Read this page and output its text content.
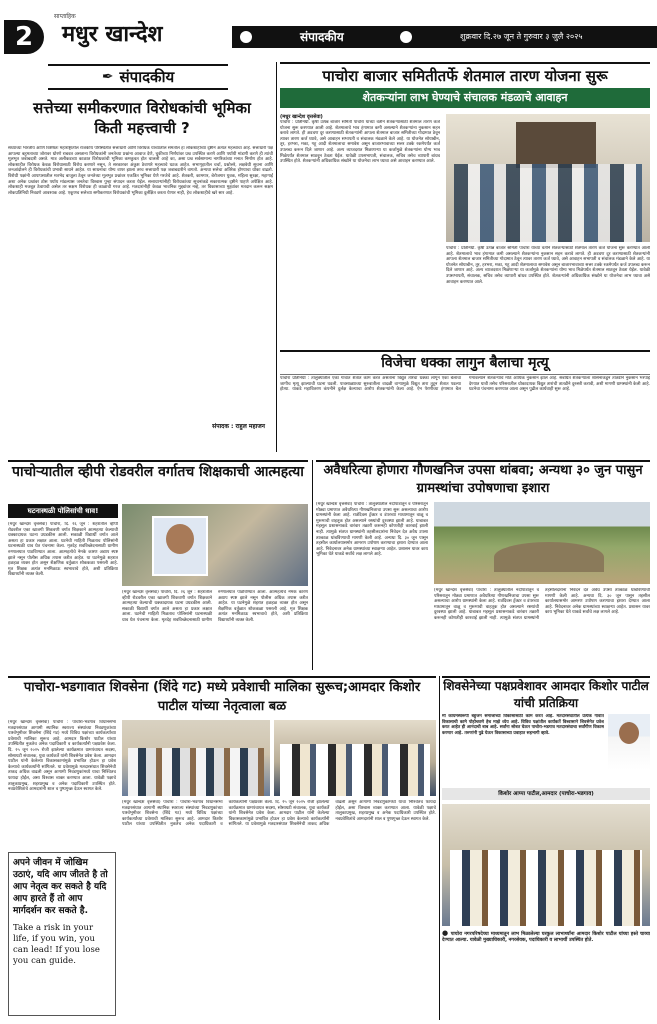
2
साप्ताहिक
मधुर खान्देश	संपादकीय	शुक्रवार दि.२७ जून ते गुरुवार ३ जुलै २०२५
✒ संपादकीय
सत्तेच्या समीकरणात विरोधकांची भूमिका किती महत्त्वाची ?
सध्याच्या भारतीय आणि विशेषतः महाराष्ट्रातील राजकीय परिस्थितीत सत्ताधारी आणि विरोधक यांच्यातील समतोल हा लोकशाहीच्या दृष्टीने अत्यंत महत्त्वाचा आहे. सत्ताधारी पक्ष आपल्या बहुमताच्या जोरावर धोरणे राबवत असताना विरोधकांनी जनतेच्या प्रश्नांना आवाज देणे, चुकीच्या निर्णयांवर प्रश्न उपस्थित करणे आणि पर्यायी मांडणी करणे ही त्यांची मूलभूत जबाबदारी असते. मात्र अलीकडच्या काळात विरोधकांची भूमिका कमकुवत होत चालली आहे का, असा प्रश्न सर्वसामान्य नागरिकांच्या मनात निर्माण होत आहे. लोकशाहीत विरोधक केवळ विरोधासाठी विरोध करणारे नसून, ते सरकारवर अंकुश ठेवणारे महत्त्वाचे घटक आहेत. सभागृहातील चर्चा, प्रश्नोत्तरे, लक्षवेधी सूचना आणि जनआंदोलने ही विरोधकांची प्रभावी साधने आहेत. या साधनांचा योग्य वापर झाला तरच सत्ताधारी पक्ष जबाबदारीने वागतो. अन्यथा सत्तेचा अतिरेक होण्याचा धोका वाढतो. विरोधी पक्षांनी आपापसातील मतभेद बाजूला ठेवून जनतेच्या मूलभूत प्रश्नांवर एकत्रित भूमिका घेणे गरजेचे आहे. शेतकरी, कामगार, बेरोजगार युवक, महिला सुरक्षा, महागाई अशा अनेक प्रश्नांवर ठोस पर्याय मांडल्यास जनतेचा विश्वास पुन्हा संपादन करता येईल. सत्ताधाऱ्यांनीही विरोधकांच्या सूचनांकडे सकारात्मक दृष्टीने पाहणे अपेक्षित आहे. लोकशाही मजबूत ठेवायची असेल तर सक्षम विरोधक ही काळाची गरज आहे. मतदारांनीही केवळ भावनिक मुद्द्यांवर नव्हे, तर विकासाच्या मुद्द्यांवर मतदान करून सक्षम लोकप्रतिनिधी निवडणे आवश्यक आहे. एकूणच सत्तेच्या समीकरणात विरोधकांची भूमिका दुर्लक्षित करता येणार नाही, हेच लोकशाहीचे खरे सार आहे.
संपादक : राहुल महाजन
पाचोरा बाजार समितीतर्फे शेतमाल तारण योजना सुरू
शेतकऱ्यांना लाभ घेण्याचे संचालक मंडळाचे आवाहन
(मधुर खान्देश वृत्तसेवा)
पाचोरा : प्रतिनिधी. कृषी उत्पन्न बाजार समिती पाचोरा यांच्या वतीने शेतकऱ्यांसाठी शेतमाल तारण कर्ज योजना सुरू करण्यात आली आहे. शेतमालाचे भाव हंगामात कमी असल्याने शेतकऱ्यांना नुकसान सहन करावे लागते. ही अडचण दूर करण्यासाठी शेतकऱ्यांनी आपला शेतमाल बाजार समितीच्या गोदामात ठेवून त्यावर तारण कर्ज घ्यावे, असे आवाहन सभापती व संचालक मंडळाने केले आहे. या योजनेत सोयाबीन, तूर, हरभरा, मका, गहू आदी शेतमालाचा समावेश असून बाजारभावाच्या सत्तर टक्के रकमेपर्यंत कर्ज उपलब्ध करून दिले जाणार आहे. अल्प व्याजदरात मिळणाऱ्या या कर्जामुळे शेतकऱ्यांना योग्य भाव मिळेपर्यंत शेतमाल साठवून ठेवता येईल. यावेळी उपसभापती, संचालक, सचिव तसेच व्यापारी बांधव उपस्थित होते. शेतकऱ्यांनी अधिकाधिक संख्येने या योजनेचा लाभ घ्यावा असे आवाहन करण्यात आले.
पाचोरा : प्रतिनिधी. कृषी उत्पन्न बाजार समिती पाचोरा यांच्या वतीने शेतकऱ्यांसाठी शेतमाल तारण कर्ज योजना सुरू करण्यात आली आहे. शेतमालाचे भाव हंगामात कमी असल्याने शेतकऱ्यांना नुकसान सहन करावे लागते. ही अडचण दूर करण्यासाठी शेतकऱ्यांनी आपला शेतमाल बाजार समितीच्या गोदामात ठेवून त्यावर तारण कर्ज घ्यावे, असे आवाहन सभापती व संचालक मंडळाने केले आहे. या योजनेत सोयाबीन, तूर, हरभरा, मका, गहू आदी शेतमालाचा समावेश असून बाजारभावाच्या सत्तर टक्के रकमेपर्यंत कर्ज उपलब्ध करून दिले जाणार आहे. अल्प व्याजदरात मिळणाऱ्या या कर्जामुळे शेतकऱ्यांना योग्य भाव मिळेपर्यंत शेतमाल साठवून ठेवता येईल. यावेळी उपसभापती, संचालक, सचिव तसेच व्यापारी बांधव उपस्थित होते. शेतकऱ्यांनी अधिकाधिक संख्येने या योजनेचा लाभ घ्यावा असे आवाहन करण्यात आले.
विजेचा धक्का लागुन बैलाचा मृत्यू
पाचोरा प्रतिनिधी : तालुक्यातील एका गावात शेतात काम करत असताना विद्युत तारेचा धक्का लागून एका बैलाचा जागीच मृत्यू झाल्याची घटना घडली. पावसाळ्याच्या सुरुवातीला वादळी वाऱ्यामुळे विद्युत तारा तुटून शेतात पडल्या होत्या. याकडे महावितरण कंपनीने दुर्लक्ष केल्याचा आरोप शेतकऱ्यांनी केला आहे. ऐन पेरणीच्या हंगामात बैल गमावल्याने शेतकऱ्याचे मोठे आर्थिक नुकसान झाले आहे. संबंधित शेतकऱ्याला शासनाकडून तातडीने नुकसान भरपाई देण्यात यावी तसेच परिसरातील धोकादायक विद्युत तारांची तातडीने दुरुस्ती करावी, अशी मागणी ग्रामस्थांनी केली आहे. घटनेचा पंचनामा करण्यात आला असून पुढील कार्यवाही सुरू आहे.
पाचोऱ्यातील व्हीपी रोडवरील वर्गातच शिक्षकाची आत्महत्या
घटनास्थळी पोलिसांची धाव!
(मधुर खान्देश वृत्तसेवा) पाचोरा, दि. २६ जून : शहरातील व्हीपी रोडवरील एका खाजगी शिकवणी वर्गात शिक्षकाने आत्महत्या केल्याची धक्कादायक घटना उघडकीस आली. सकाळी विद्यार्थी वर्गात आले असता हा प्रकार लक्षात आला. घटनेची माहिती मिळताच पोलिसांनी घटनास्थळी धाव घेत पंचनामा केला. मृतदेह शवविच्छेदनासाठी ग्रामीण रुग्णालयात पाठविण्यात आला. आत्महत्येचे नेमके कारण अद्याप स्पष्ट झाले नसून पोलीस अधिक तपास करीत आहेत. या घटनेमुळे शहरात हळहळ व्यक्त होत असून शैक्षणिक वर्तुळात शोककळा पसरली आहे. मृत शिक्षक अत्यंत मनमिळाऊ स्वभावाचे होते, अशी प्रतिक्रिया विद्यार्थ्यांनी व्यक्त केली.
(मधुर खान्देश वृत्तसेवा) पाचोरा, दि. २६ जून : शहरातील व्हीपी रोडवरील एका खाजगी शिकवणी वर्गात शिक्षकाने आत्महत्या केल्याची धक्कादायक घटना उघडकीस आली. सकाळी विद्यार्थी वर्गात आले असता हा प्रकार लक्षात आला. घटनेची माहिती मिळताच पोलिसांनी घटनास्थळी धाव घेत पंचनामा केला. मृतदेह शवविच्छेदनासाठी ग्रामीण रुग्णालयात पाठविण्यात आला. आत्महत्येचे नेमके कारण अद्याप स्पष्ट झाले नसून पोलीस अधिक तपास करीत आहेत. या घटनेमुळे शहरात हळहळ व्यक्त होत असून शैक्षणिक वर्तुळात शोककळा पसरली आहे. मृत शिक्षक अत्यंत मनमिळाऊ स्वभावाचे होते, अशी प्रतिक्रिया विद्यार्थ्यांनी व्यक्त केली.
अवैधरित्या होणारा गौणखनिज उपसा थांबवा; अन्यथा ३० जुन पासुन ग्रामस्थांचा उपोषणाचा इशारा
(मधुर खान्देश वृत्तसेवा) पाचोरा : तालुक्यातील नदीपात्रातून व परिसरातून मोठ्या प्रमाणात अवैधरित्या गौणखनिजाचा उपसा सुरू असल्याचा आरोप ग्रामस्थांनी केला आहे. रात्रंदिवस ट्रॅक्टर व डंपरच्या माध्यमातून वाळू व मुरूमाची वाहतूक होत असल्याने रस्त्यांची दुरवस्था झाली आहे. याबाबत महसूल प्रशासनाकडे वारंवार तक्रारी करूनही कोणतीही कारवाई झाली नाही. त्यामुळे संतप्त ग्रामस्थांनी तहसीलदारांना निवेदन देत अवैध उपसा तात्काळ थांबविण्याची मागणी केली आहे. अन्यथा दि. ३० जून पासून तहसील कार्यालयासमोर आमरण उपोषण करण्याचा इशारा देण्यात आला आहे. निवेदनावर अनेक ग्रामस्थांच्या स्वाक्षऱ्या आहेत. प्रशासन यावर काय भूमिका घेते याकडे सर्वांचे लक्ष लागले आहे.
(मधुर खान्देश वृत्तसेवा) पाचोरा : तालुक्यातील नदीपात्रातून व परिसरातून मोठ्या प्रमाणात अवैधरित्या गौणखनिजाचा उपसा सुरू असल्याचा आरोप ग्रामस्थांनी केला आहे. रात्रंदिवस ट्रॅक्टर व डंपरच्या माध्यमातून वाळू व मुरूमाची वाहतूक होत असल्याने रस्त्यांची दुरवस्था झाली आहे. याबाबत महसूल प्रशासनाकडे वारंवार तक्रारी करूनही कोणतीही कारवाई झाली नाही. त्यामुळे संतप्त ग्रामस्थांनी तहसीलदारांना निवेदन देत अवैध उपसा तात्काळ थांबविण्याची मागणी केली आहे. अन्यथा दि. ३० जून पासून तहसील कार्यालयासमोर आमरण उपोषण करण्याचा इशारा देण्यात आला आहे. निवेदनावर अनेक ग्रामस्थांच्या स्वाक्षऱ्या आहेत. प्रशासन यावर काय भूमिका घेते याकडे सर्वांचे लक्ष लागले आहे.
पाचोरा-भडगावात शिवसेना (शिंदे गट) मध्ये प्रवेशाची मालिका सुरूच;आमदार किशोर पाटील यांच्या नेतृत्वाला बळ
(मधुर खान्देश वृत्तसेवा) पाचोरा : पाचोरा-भडगाव विधानसभा मतदारसंघात आगामी स्थानिक स्वराज्य संस्थांच्या निवडणुकांच्या पार्श्वभूमीवर शिवसेना (शिंदे गट) मध्ये विविध पक्षांच्या कार्यकर्त्यांच्या प्रवेशाची मालिका सुरूच आहे. आमदार किशोर पाटील यांच्या उपस्थितीत नुकतेच अनेक पदाधिकारी व कार्यकर्त्यांनी पक्षप्रवेश केला. दि. २५ जून २०२५ रोजी झालेल्या कार्यक्रमात ग्रामपंचायत सदस्य, सोसायटी संचालक, युवा कार्यकर्ते यांनी शिवसेनेत प्रवेश केला. आमदार पाटील यांनी केलेल्या विकासकामांमुळे प्रभावित होऊन हा प्रवेश केल्याचे कार्यकर्त्यांनी सांगितले. या प्रवेशामुळे मतदारसंघात शिवसेनेची ताकद अधिक वाढली असून आगामी निवडणुकांमध्ये याचा निश्चितच फायदा होईल, असा विश्वास व्यक्त करण्यात आला. यावेळी पक्षाचे तालुकाप्रमुख, शहरप्रमुख व अनेक पदाधिकारी उपस्थित होते. नवप्रवेशितांचे आमदारांनी शाल व पुष्पगुच्छ देऊन स्वागत केले.
(मधुर खान्देश वृत्तसेवा) पाचोरा : पाचोरा-भडगाव विधानसभा मतदारसंघात आगामी स्थानिक स्वराज्य संस्थांच्या निवडणुकांच्या पार्श्वभूमीवर शिवसेना (शिंदे गट) मध्ये विविध पक्षांच्या कार्यकर्त्यांच्या प्रवेशाची मालिका सुरूच आहे. आमदार किशोर पाटील यांच्या उपस्थितीत नुकतेच अनेक पदाधिकारी व कार्यकर्त्यांनी पक्षप्रवेश केला. दि. २५ जून २०२५ रोजी झालेल्या कार्यक्रमात ग्रामपंचायत सदस्य, सोसायटी संचालक, युवा कार्यकर्ते यांनी शिवसेनेत प्रवेश केला. आमदार पाटील यांनी केलेल्या विकासकामांमुळे प्रभावित होऊन हा प्रवेश केल्याचे कार्यकर्त्यांनी सांगितले. या प्रवेशामुळे मतदारसंघात शिवसेनेची ताकद अधिक वाढली असून आगामी निवडणुकांमध्ये याचा निश्चितच फायदा होईल, असा विश्वास व्यक्त करण्यात आला. यावेळी पक्षाचे तालुकाप्रमुख, शहरप्रमुख व अनेक पदाधिकारी उपस्थित होते. नवप्रवेशितांचे आमदारांनी शाल व पुष्पगुच्छ देऊन स्वागत केले.
अपने जीवन में जोखिम उठाएं, यदि आप जीतते है तो आप नेतृत्व कर सकते है यदि आप हारते हैं तो आप मार्गदर्शन कर सकते है.
Take a risk in your life, if you win, you can lead! If you lose you can guide.
शिवसेनेच्या पक्षप्रवेशावर आमदार किशोर पाटील यांची प्रतिक्रिया
मी कायमस्वरूपी बहुजन समाजाच्या विकासासाठी काम करत आहे. मतदारसंघातील प्रत्येक गावात विकासाची कामे पोहोचवणे हेच माझे ध्येय आहे. विविध पक्षांतील कार्यकर्ते विश्वासाने शिवसेनेत प्रवेश करत आहेत ही आनंदाची बाब आहे. सर्वांना सोबत घेऊन पाचोरा-भडगाव मतदारसंघाचा सर्वांगीण विकास करणार आहे. तरुणांनी पुढे येऊन विकासाच्या प्रवाहात सहभागी व्हावे.
किशोर आप्पा पाटील,आमदार (पाचोरा-भडगाव)
● पाचोरा नगरपरिषदेच्या माध्यमातून लाभ मिळालेल्या घरकुल लाभार्थ्यांना आमदार किशोर पाटील यांच्या हस्ते चाव्या देण्यात आल्या. यावेळी मुख्याधिकारी, नगरसेवक, पदाधिकारी व लाभार्थी उपस्थित होते.
